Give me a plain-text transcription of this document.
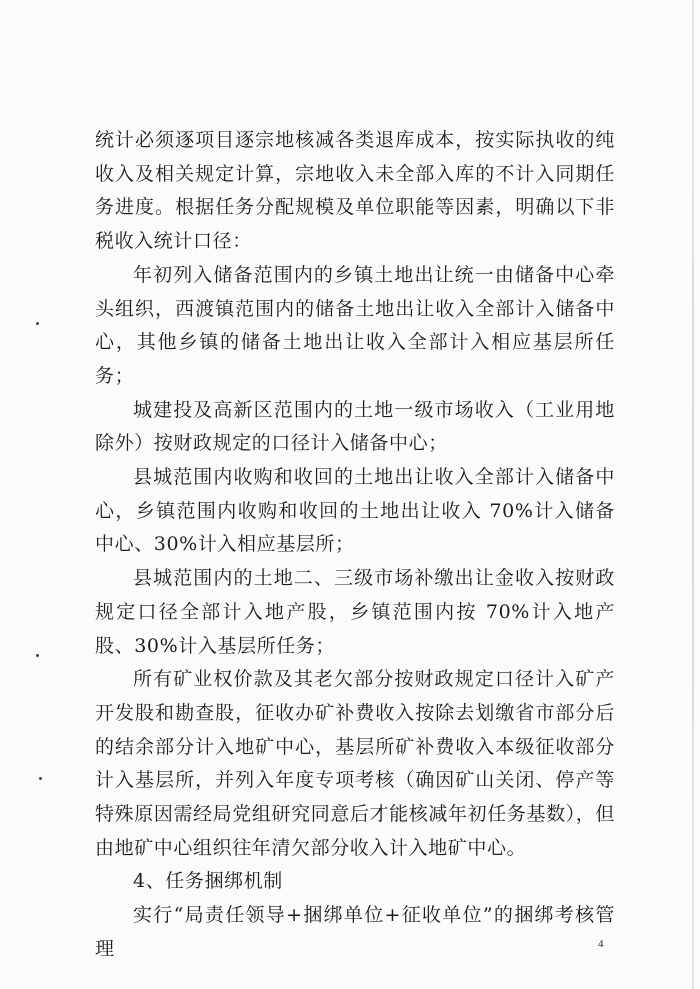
统计必须逐项目逐宗地核减各类退库成本，按实际执收的纯收入及相关规定计算，宗地收入未全部入库的不计入同期任务进度。根据任务分配规模及单位职能等因素，明确以下非税收入统计口径：

年初列入储备范围内的乡镇土地出让统一由储备中心牵头组织，西渡镇范围内的储备土地出让收入全部计入储备中心，其他乡镇的储备土地出让收入全部计入相应基层所任务；

城建投及高新区范围内的土地一级市场收入（工业用地除外）按财政规定的口径计入储备中心；

县城范围内收购和收回的土地出让收入全部计入储备中心，乡镇范围内收购和收回的土地出让收入 70%计入储备中心、30%计入相应基层所；

县城范围内的土地二、三级市场补缴出让金收入按财政规定口径全部计入地产股，乡镇范围内按 70%计入地产股、30%计入基层所任务；

所有矿业权价款及其老欠部分按财政规定口径计入矿产开发股和勘查股，征收办矿补费收入按除去划缴省市部分后的结余部分计入地矿中心，基层所矿补费收入本级征收部分计入基层所，并列入年度专项考核（确因矿山关闭、停产等特殊原因需经局党组研究同意后才能核减年初任务基数），但由地矿中心组织往年清欠部分收入计入地矿中心。

4、任务捆绑机制

实行“局责任领导+捆绑单位+征收单位”的捆绑考核管理	4
